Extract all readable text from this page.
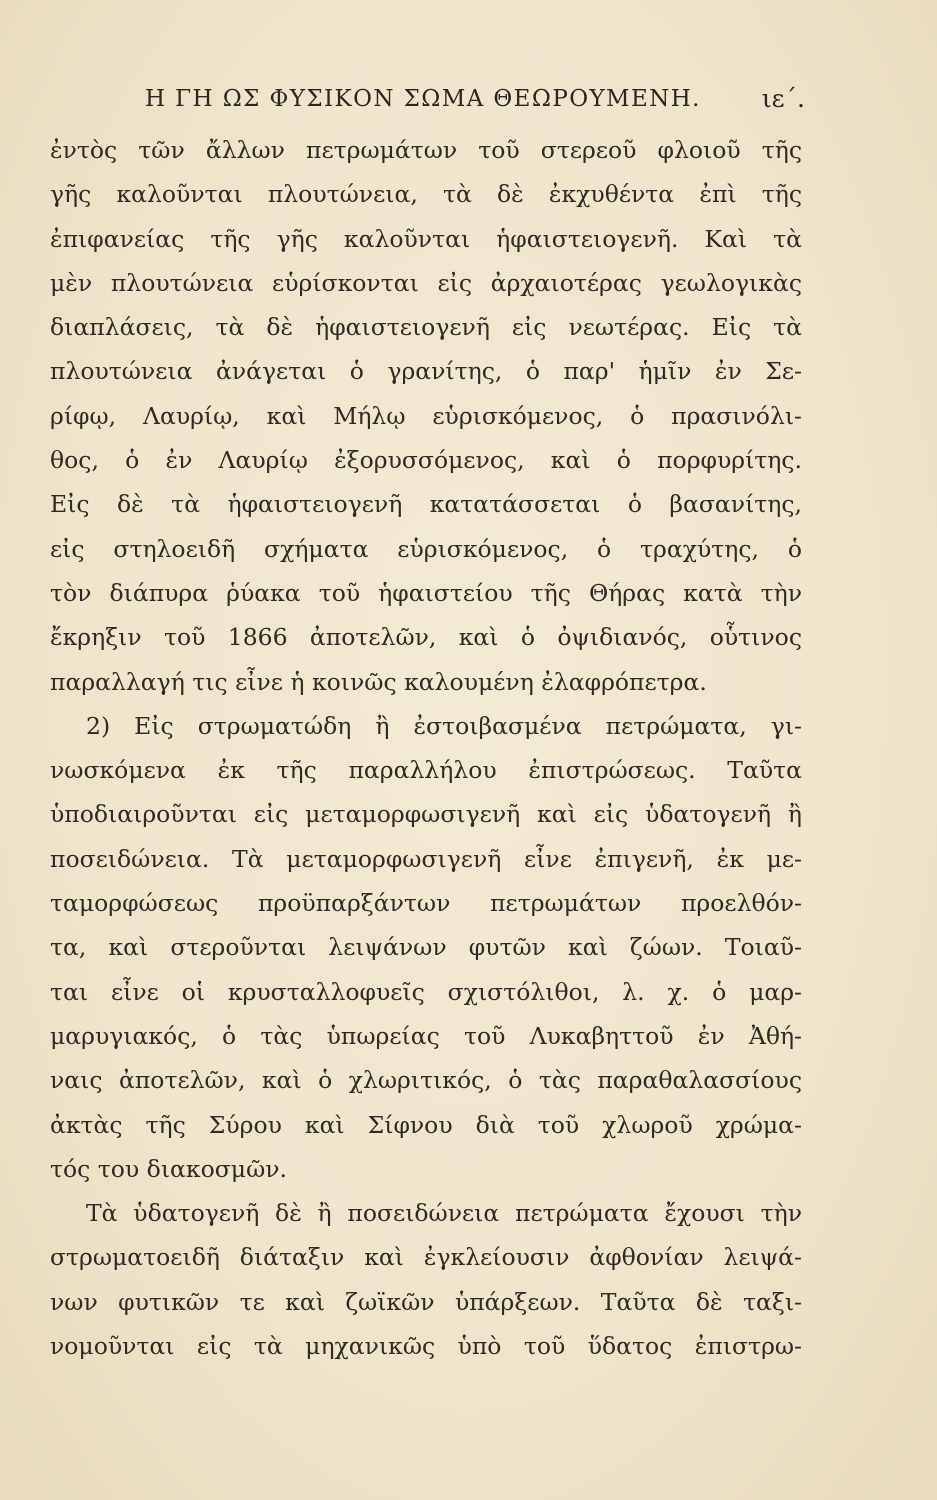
Η ΓΗ ΩΣ ΦΥΣΙΚΟΝ ΣΩΜΑ ΘΕΩΡΟΥΜΕΝΗ. ιε΄.
ἐντὸς τῶν ἄλλων πετρωμάτων τοῦ στερεοῦ φλοιοῦ τῆς
γῆς καλοῦνται πλουτώνεια, τὰ δὲ ἐκχυθέντα ἐπὶ τῆς
ἐπιφανείας τῆς γῆς καλοῦνται ἡφαιστειογενῆ. Καὶ τὰ
μὲν πλουτώνεια εὑρίσκονται εἰς ἀρχαιοτέρας γεωλογικὰς
διαπλάσεις, τὰ δὲ ἡφαιστειογενῆ εἰς νεωτέρας. Εἰς τὰ
πλουτώνεια ἀνάγεται ὁ γρανίτης, ὁ παρ' ἡμῖν ἐν Σε-
ρίφῳ, Λαυρίῳ, καὶ Μήλῳ εὑρισκόμενος, ὁ πρασινόλι-
θος, ὁ ἐν Λαυρίῳ ἐξορυσσόμενος, καὶ ὁ πορφυρίτης.
Εἰς δὲ τὰ ἡφαιστειογενῆ κατατάσσεται ὁ βασανίτης,
εἰς στηλοειδῆ σχήματα εὑρισκόμενος, ὁ τραχύτης, ὁ
τὸν διάπυρα ῥύακα τοῦ ἡφαιστείου τῆς Θήρας κατὰ τὴν
ἔκρηξιν τοῦ 1866 ἀποτελῶν, καὶ ὁ ὀψιδιανός, οὗτινος
παραλλαγή τις εἶνε ἡ κοινῶς καλουμένη ἐλαφρόπετρα.
2) Εἰς στρωματώδη ἢ ἐστοιβασμένα πετρώματα, γι-
νωσκόμενα ἐκ τῆς παραλλήλου ἐπιστρώσεως. Ταῦτα
ὑποδιαιροῦνται εἰς μεταμορφωσιγενῆ καὶ εἰς ὑδατογενῆ ἢ
ποσειδώνεια. Τὰ μεταμορφωσιγενῆ εἶνε ἐπιγενῆ, ἐκ με-
ταμορφώσεως προϋπαρξάντων πετρωμάτων προελθόν-
τα, καὶ στεροῦνται λειψάνων φυτῶν καὶ ζώων. Τοιαῦ-
ται εἶνε οἱ κρυσταλλοφυεῖς σχιστόλιθοι, λ. χ. ὁ μαρ-
μαρυγιακός, ὁ τὰς ὑπωρείας τοῦ Λυκαβηττοῦ ἐν Ἀθή-
ναις ἀποτελῶν, καὶ ὁ χλωριτικός, ὁ τὰς παραθαλασσίους
ἀκτὰς τῆς Σύρου καὶ Σίφνου διὰ τοῦ χλωροῦ χρώμα-
τός του διακοσμῶν.
Τὰ ὑδατογενῆ δὲ ἢ ποσειδώνεια πετρώματα ἔχουσι τὴν
στρωματοειδῆ διάταξιν καὶ ἐγκλείουσιν ἀφθονίαν λειψά-
νων φυτικῶν τε καὶ ζωϊκῶν ὑπάρξεων. Ταῦτα δὲ ταξι-
νομοῦνται εἰς τὰ μηχανικῶς ὑπὸ τοῦ ὕδατος ἐπιστρω-
